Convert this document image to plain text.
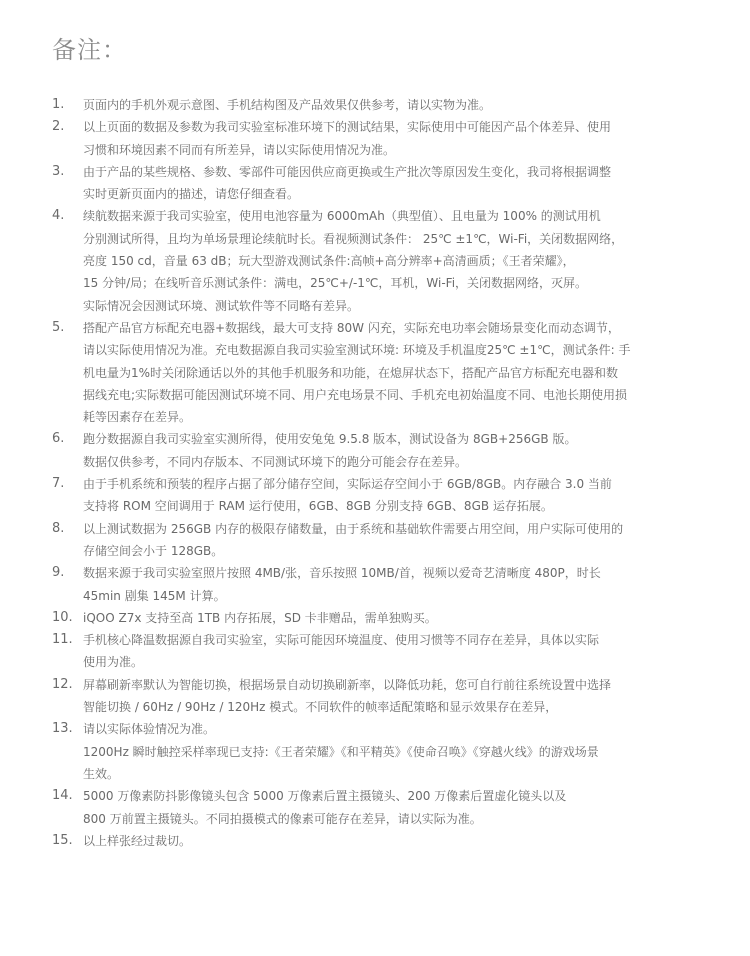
备注：
1. 页面内的手机外观示意图、手机结构图及产品效果仅供参考，请以实物为准。
2. 以上页面的数据及参数为我司实验室标准环境下的测试结果，实际使用中可能因产品个体差异、使用
习惯和环境因素不同而有所差异，请以实际使用情况为准。
3. 由于产品的某些规格、参数、零部件可能因供应商更换或生产批次等原因发生变化，我司将根据调整
实时更新页面内的描述，请您仔细查看。
4. 续航数据来源于我司实验室，使用电池容量为 6000mAh（典型值）、且电量为 100% 的测试用机
分别测试所得，且均为单场景理论续航时长。看视频测试条件： 25℃ ±1℃，Wi-Fi，关闭数据网络，
亮度 150 cd，音量 63 dB；玩大型游戏测试条件:高帧+高分辨率+高清画质；《王者荣耀》，
15 分钟/局；在线听音乐测试条件：满电，25℃+/-1℃，耳机，Wi-Fi，关闭数据网络，灭屏。
实际情况会因测试环境、测试软件等不同略有差异。
5. 搭配产品官方标配充电器+数据线，最大可支持 80W 闪充，实际充电功率会随场景变化而动态调节，
请以实际使用情况为准。充电数据源自我司实验室测试环境: 环境及手机温度25℃ ±1℃，测试条件: 手
机电量为1%时关闭除通话以外的其他手机服务和功能，在熄屏状态下，搭配产品官方标配充电器和数
据线充电;实际数据可能因测试环境不同、用户充电场景不同、手机充电初始温度不同、电池长期使用损
耗等因素存在差异。
6. 跑分数据源自我司实验室实测所得，使用安兔兔 9.5.8 版本，测试设备为 8GB+256GB 版。
数据仅供参考，不同内存版本、不同测试环境下的跑分可能会存在差异。
7. 由于手机系统和预装的程序占据了部分储存空间，实际运存空间小于 6GB/8GB。内存融合 3.0 当前
支持将 ROM 空间调用于 RAM 运行使用，6GB、8GB 分别支持 6GB、8GB 运存拓展。
8. 以上测试数据为 256GB 内存的极限存储数量，由于系统和基础软件需要占用空间，用户实际可使用的
存储空间会小于 128GB。
9. 数据来源于我司实验室照片按照 4MB/张，音乐按照 10MB/首，视频以爱奇艺清晰度 480P，时长
45min 剧集 145M 计算。
10. iQOO Z7x 支持至高 1TB 内存拓展，SD 卡非赠品，需单独购买。
11. 手机核心降温数据源自我司实验室，实际可能因环境温度、使用习惯等不同存在差异，具体以实际
使用为准。
12. 屏幕刷新率默认为智能切换，根据场景自动切换刷新率，以降低功耗，您可自行前往系统设置中选择
智能切换 / 60Hz / 90Hz / 120Hz 模式。不同软件的帧率适配策略和显示效果存在差异，
13. 请以实际体验情况为准。
1200Hz 瞬时触控采样率现已支持:《王者荣耀》《和平精英》《使命召唤》《穿越火线》的游戏场景
生效。
14. 5000 万像素防抖影像镜头包含 5000 万像素后置主摄镜头、200 万像素后置虚化镜头以及
800 万前置主摄镜头。不同拍摄模式的像素可能存在差异，请以实际为准。
15. 以上样张经过裁切。
